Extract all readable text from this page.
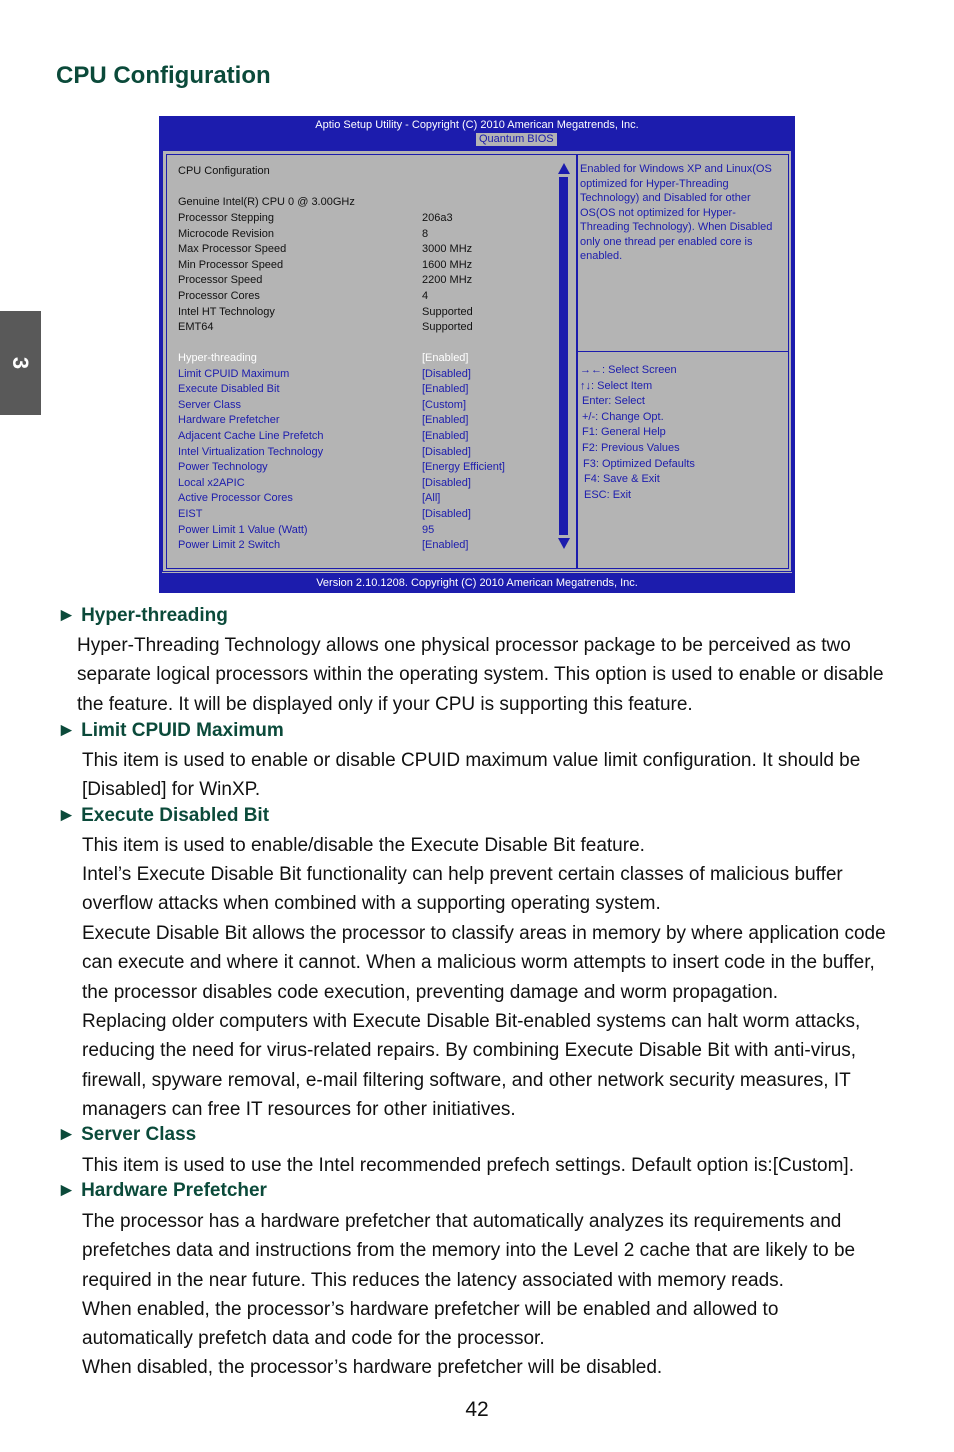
3
CPU Configuration
Aptio Setup Utility - Copyright (C) 2010 American Megatrends, Inc.
Quantum BIOS
CPU Configuration
Genuine Intel(R) CPU 0 @ 3.00GHz
Processor Stepping	206a3
Microcode Revision	8
Max Processor Speed	3000 MHz
Min Processor Speed	1600 MHz
Processor Speed	2200 MHz
Processor Cores	4
Intel HT Technology	Supported
EMT64	Supported
Hyper-threading	[Enabled]
Limit CPUID Maximum	[Disabled]
Execute Disabled Bit	[Enabled]
Server Class	[Custom]
Hardware Prefetcher	[Enabled]
Adjacent Cache Line Prefetch	[Enabled]
Intel Virtualization Technology	[Disabled]
Power Technology	[Energy Efficient]
Local x2APIC	[Disabled]
Active Processor Cores	[All]
EIST	[Disabled]
Power Limit 1 Value (Watt)	95
Power Limit 2 Switch	[Enabled]
Enabled for Windows XP and Linux(OS optimized for Hyper-Threading Technology) and Disabled for other OS(OS not optimized for Hyper-Threading Technology). When Disabled only one thread per enabled core is enabled.
→←: Select Screen
↑↓: Select Item
Enter: Select
+/-: Change Opt.
F1: General Help
F2: Previous Values
F3: Optimized Defaults
F4: Save & Exit
ESC: Exit
Version 2.10.1208. Copyright (C) 2010 American Megatrends, Inc.
► Hyper-threading
Hyper-Threading Technology allows one physical processor package to be perceived as two separate logical processors within the operating system. This option is used to enable or disable the feature. It will be displayed only if your CPU is supporting this feature.
► Limit CPUID Maximum
This item is used to enable or disable CPUID maximum value limit configuration. It should be [Disabled] for WinXP.
► Execute Disabled Bit
This item is used to enable/disable the Execute Disable Bit feature.
Intel’s Execute Disable Bit functionality can help prevent certain classes of malicious buffer overflow attacks when combined with a supporting operating system.
Execute Disable Bit allows the processor to classify areas in memory by where application code can execute and where it cannot. When a malicious worm attempts to insert code in the buffer, the processor disables code execution, preventing damage and worm propagation.
Replacing older computers with Execute Disable Bit-enabled systems can halt worm attacks, reducing the need for virus-related repairs. By combining Execute Disable Bit with anti-virus, firewall, spyware removal, e-mail filtering software, and other network security measures, IT managers can free IT resources for other initiatives.
► Server Class
This item is used to use the Intel recommended prefech settings. Default option is:[Custom].
► Hardware Prefetcher
The processor has a hardware prefetcher that automatically analyzes its requirements and prefetches data and instructions from the memory into the Level 2 cache that are likely to be required in the near future. This reduces the latency associated with memory reads.
When enabled, the processor’s hardware prefetcher will be enabled and allowed to automatically prefetch data and code for the processor.
When disabled, the processor’s hardware prefetcher will be disabled.
42
